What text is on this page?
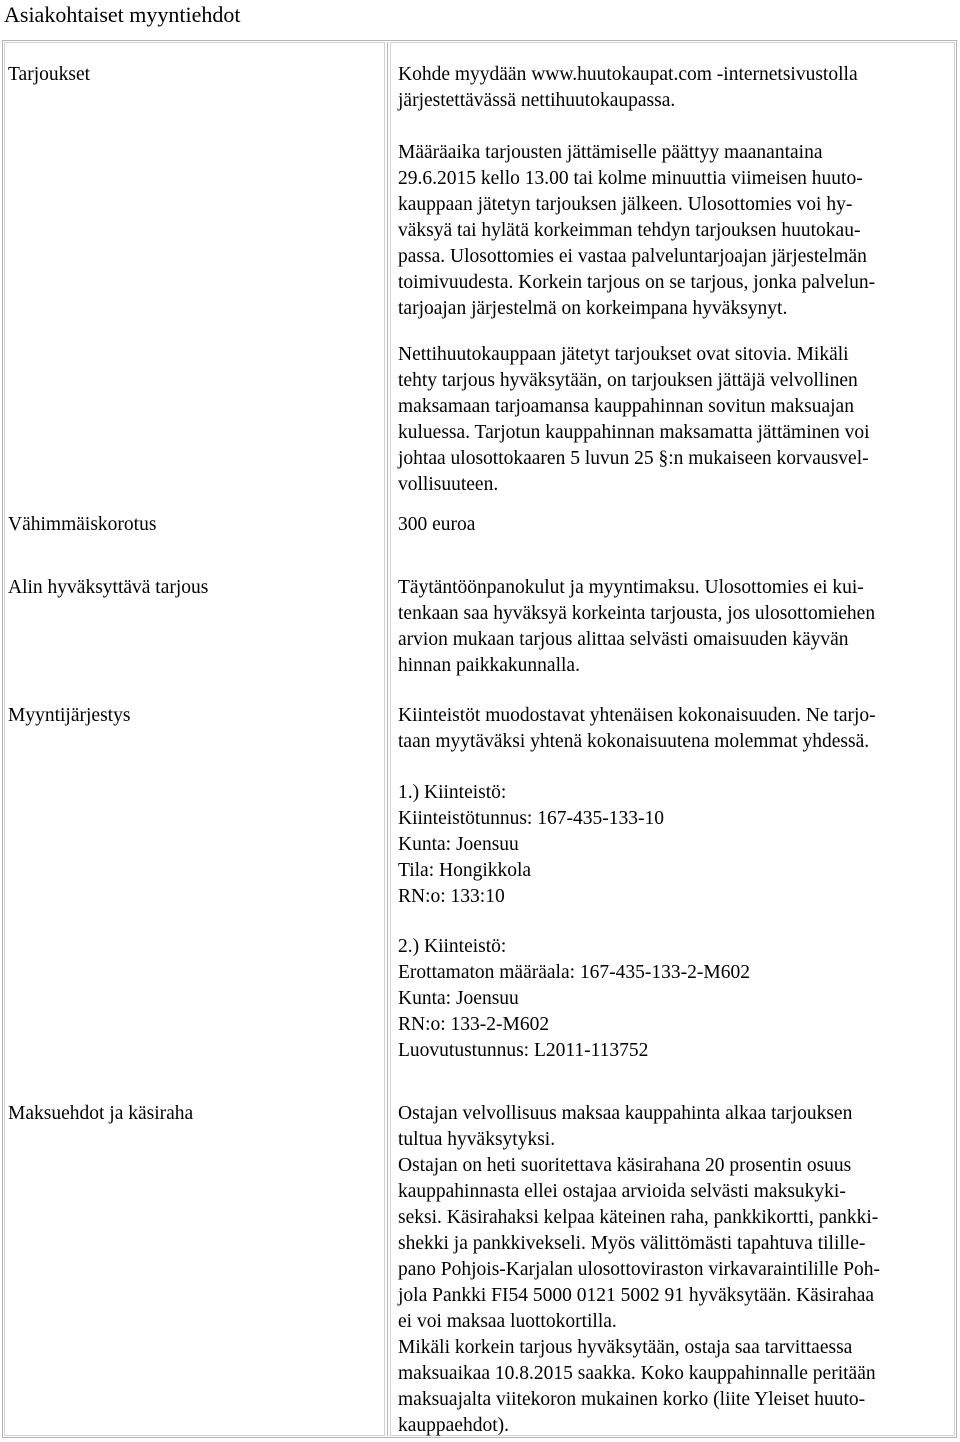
Asiakohtaiset myyntiehdot
Tarjoukset
Vähimmäiskorotus
Alin hyväksyttävä tarjous
Myyntijärjestys
Maksuehdot ja käsiraha
Kohde myydään www.huutokaupat.com -internetsivustolla
järjestettävässä nettihuutokaupassa.
Määräaika tarjousten jättämiselle päättyy maanantaina
29.6.2015 kello 13.00 tai kolme minuuttia viimeisen huuto-
kauppaan jätetyn tarjouksen jälkeen. Ulosottomies voi hy-
väksyä tai hylätä korkeimman tehdyn tarjouksen huutokau-
passa. Ulosottomies ei vastaa palveluntarjoajan järjestelmän
toimivuudesta. Korkein tarjous on se tarjous, jonka palvelun-
tarjoajan järjestelmä on korkeimpana hyväksynyt.
Nettihuutokauppaan jätetyt tarjoukset ovat sitovia. Mikäli
tehty tarjous hyväksytään, on tarjouksen jättäjä velvollinen
maksamaan tarjoamansa kauppahinnan sovitun maksuajan
kuluessa. Tarjotun kauppahinnan maksamatta jättäminen voi
johtaa ulosottokaaren 5 luvun 25 §:n mukaiseen korvausvel-
vollisuuteen.
300 euroa
Täytäntöönpanokulut ja myyntimaksu. Ulosottomies ei kui-
tenkaan saa hyväksyä korkeinta tarjousta, jos ulosottomiehen
arvion mukaan tarjous alittaa selvästi omaisuuden käyvän
hinnan paikkakunnalla.
Kiinteistöt muodostavat yhtenäisen kokonaisuuden. Ne tarjo-
taan myytäväksi yhtenä kokonaisuutena molemmat yhdessä.
1.) Kiinteistö:
Kiinteistötunnus: 167-435-133-10
Kunta: Joensuu
Tila: Hongikkola
RN:o: 133:10
2.) Kiinteistö:
Erottamaton määräala: 167-435-133-2-M602
Kunta: Joensuu
RN:o: 133-2-M602
Luovutustunnus: L2011-113752
Ostajan velvollisuus maksaa kauppahinta alkaa tarjouksen
tultua hyväksytyksi.
Ostajan on heti suoritettava käsirahana 20 prosentin osuus
kauppahinnasta ellei ostajaa arvioida selvästi maksukyki-
seksi. Käsirahaksi kelpaa käteinen raha, pankkikortti, pankki-
shekki ja pankkivekseli. Myös välittömästi tapahtuva tilille-
pano Pohjois-Karjalan ulosottoviraston virkavaraintilille Poh-
jola Pankki FI54 5000 0121 5002 91 hyväksytään. Käsirahaa
ei voi maksaa luottokortilla.
Mikäli korkein tarjous hyväksytään, ostaja saa tarvittaessa
maksuaikaa 10.8.2015 saakka. Koko kauppahinnalle peritään
maksuajalta viitekoron mukainen korko (liite Yleiset huuto-
kauppaehdot).
